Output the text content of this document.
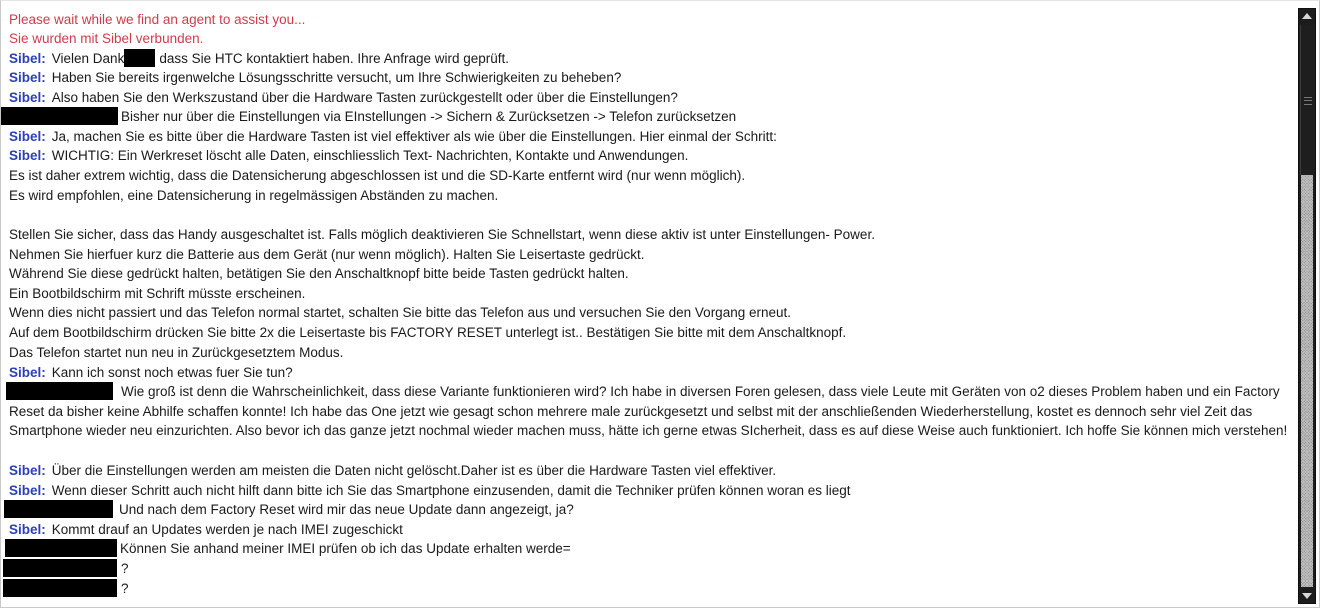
Please wait while we find an agent to assist you...
Sie wurden mit Sibel verbunden.
Sibel: Vielen Dank	dass Sie HTC kontaktiert haben. Ihre Anfrage wird geprüft.
Sibel: Haben Sie bereits irgenwelche Lösungsschritte versucht, um Ihre Schwierigkeiten zu beheben?
Sibel: Also haben Sie den Werkszustand über die Hardware Tasten zurückgestellt oder über die Einstellungen?
Bisher nur über die Einstellungen via EInstellungen -> Sichern & Zurücksetzen -> Telefon zurücksetzen
Sibel: Ja, machen Sie es bitte über die Hardware Tasten ist viel effektiver als wie über die Einstellungen. Hier einmal der Schritt:
Sibel: WICHTIG: Ein Werkreset löscht alle Daten, einschliesslich Text- Nachrichten, Kontakte und Anwendungen.
Es ist daher extrem wichtig, dass die Datensicherung abgeschlossen ist und die SD-Karte entfernt wird (nur wenn möglich).
Es wird empfohlen, eine Datensicherung in regelmässigen Abständen zu machen.
Stellen Sie sicher, dass das Handy ausgeschaltet ist. Falls möglich deaktivieren Sie Schnellstart, wenn diese aktiv ist unter Einstellungen- Power.
Nehmen Sie hierfuer kurz die Batterie aus dem Gerät (nur wenn möglich). Halten Sie Leisertaste gedrückt.
Während Sie diese gedrückt halten, betätigen Sie den Anschaltknopf bitte beide Tasten gedrückt halten.
Ein Bootbildschirm mit Schrift müsste erscheinen.
Wenn dies nicht passiert und das Telefon normal startet, schalten Sie bitte das Telefon aus und versuchen Sie den Vorgang erneut.
Auf dem Bootbildschirm drücken Sie bitte 2x die Leisertaste bis FACTORY RESET unterlegt ist.. Bestätigen Sie bitte mit dem Anschaltknopf.
Das Telefon startet nun neu in Zurückgesetztem Modus.
Sibel: Kann ich sonst noch etwas fuer Sie tun?
Wie groß ist denn die Wahrscheinlichkeit, dass diese Variante funktionieren wird? Ich habe in diversen Foren gelesen, dass viele Leute mit Geräten von o2 dieses Problem haben und ein Factory Reset da bisher keine Abhilfe schaffen konnte! Ich habe das One jetzt wie gesagt schon mehrere male zurückgesetzt und selbst mit der anschließenden Wiederherstellung, kostet es dennoch sehr viel Zeit das Smartphone wieder neu einzurichten. Also bevor ich das ganze jetzt nochmal wieder machen muss, hätte ich gerne etwas SIcherheit, dass es auf diese Weise auch funktioniert. Ich hoffe Sie können mich verstehen!
Sibel: Über die Einstellungen werden am meisten die Daten nicht gelöscht.Daher ist es über die Hardware Tasten viel effektiver.
Sibel: Wenn dieser Schritt auch nicht hilft dann bitte ich Sie das Smartphone einzusenden, damit die Techniker prüfen können woran es liegt
Und nach dem Factory Reset wird mir das neue Update dann angezeigt, ja?
Sibel: Kommt drauf an Updates werden je nach IMEI zugeschickt
Können Sie anhand meiner IMEI prüfen ob ich das Update erhalten werde=
?
?
